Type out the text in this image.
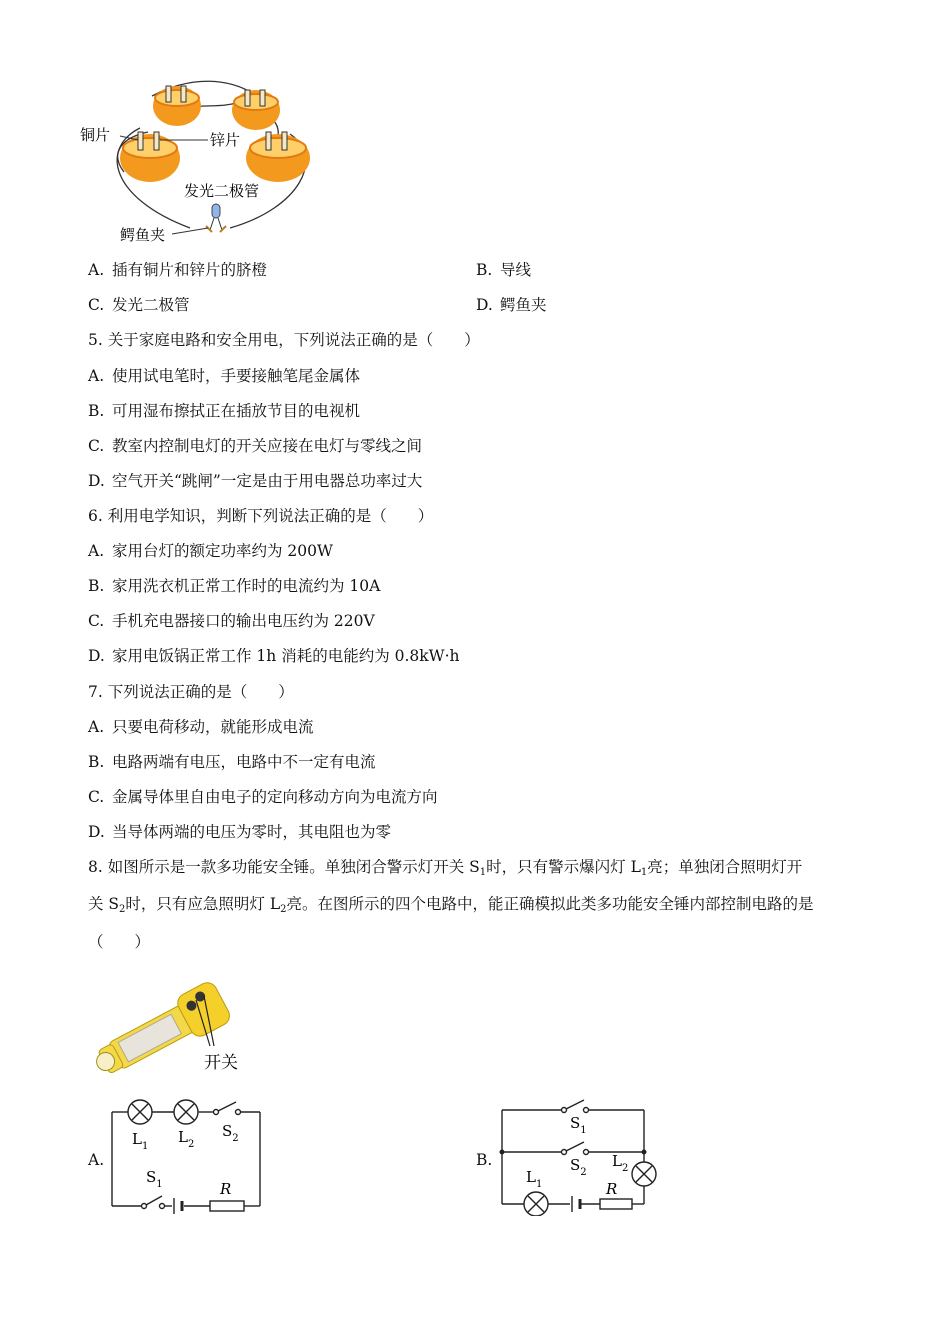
铜片	锌片
发光二极管
鳄鱼夹
A. 插有铜片和锌片的脐橙	B. 导线
C. 发光二极管	D. 鳄鱼夹
5. 关于家庭电路和安全用电，下列说法正确的是（　　）
A. 使用试电笔时，手要接触笔尾金属体
B. 可用湿布擦拭正在插放节目的电视机
C. 教室内控制电灯的开关应接在电灯与零线之间
D. 空气开关“跳闸”一定是由于用电器总功率过大
6. 利用电学知识，判断下列说法正确的是（　　）
A. 家用台灯的额定功率约为 200W
B. 家用洗衣机正常工作时的电流约为 10A
C. 手机充电器接口的输出电压约为 220V
D. 家用电饭锅正常工作 1h 消耗的电能约为 0.8kW·h
7. 下列说法正确的是（　　）
A. 只要电荷移动，就能形成电流
B. 电路两端有电压，电路中不一定有电流
C. 金属导体里自由电子的定向移动方向为电流方向
D. 当导体两端的电压为零时，其电阻也为零
8. 如图所示是一款多功能安全锤。单独闭合警示灯开关 $S_1$时，只有警示爆闪灯 $L_1$亮；单独闭合照明灯开
关 $S_2$时，只有应急照明灯 $L_2$亮。在图所示的四个电路中，能正确模拟此类多功能安全锤内部控制电路的是
（　　）
开关
A.
$L_1$
$L_2$
$S_2$
$S_1$	R
B.
$S_1$
$S_2$
$L_2$
$L_1$	R
